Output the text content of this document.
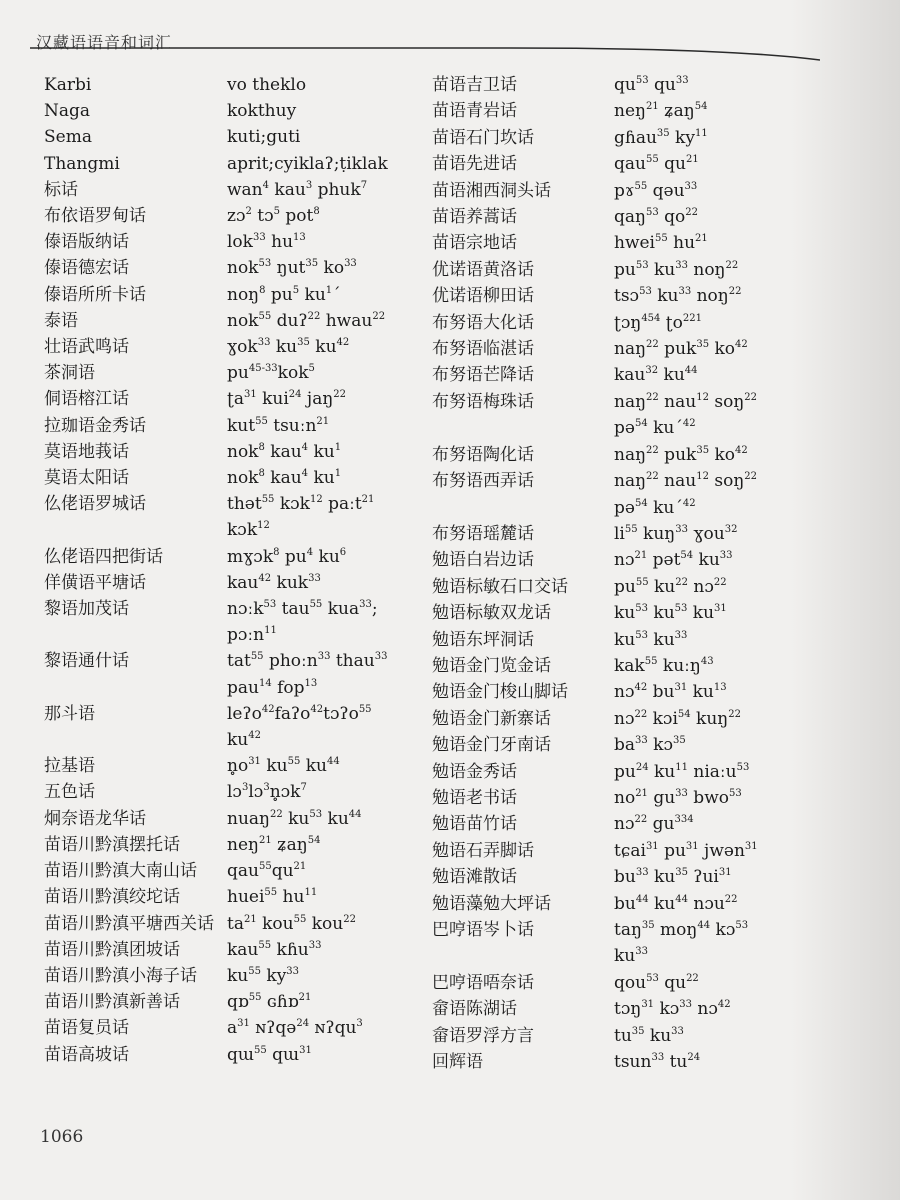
汉藏语语音和词汇
Karbi	vo theklo
Naga	kokthuy
Sema	kuti;guti
Thangmi	aprit;cyiklaʔ;ṭiklak
标话	wan$^4$ kau$^3$ phuk$^7$
布依语罗甸话	zɔ$^2$ tɔ$^5$ pot$^8$
傣语版纳话	lok$^{33}$ $hu^{13}$
傣语德宏话	nok$^{53}$ ŋut$^{35}$ $ko^{33}$
傣语所所卡话	noŋ$^8$ $pu^5$ $ku^1ˊ$
泰语	nok$^{55}$ duʔ$^{22}$ hwau$^{22}$
壮语武鸣话	ɣok$^{33}$ $ku^{35}$ $ku^{42}$
茶洞语	$pu^{45-33}kok^5$
侗语榕江话	ʈa$^{31}$ kui$^{24}$ jaŋ$^{22}$
拉珈语金秀话	kut$^{55}$ tsuːn$^{21}$
莫语地莪话	nok$^8$ kau$^4$ $ku^1$
莫语太阳话	nok$^8$ kau$^4$ $ku^1$
仫佬语罗城话	thət$^{55}$ kɔk$^{12}$ paːt$^{21}$
kɔk$^{12}$
仫佬语四把街话	mɣɔk$^8$ $pu^4$ $ku^6$
佯僙语平塘话	kau$^{42}$ kuk$^{33}$
黎语加茂话	nɔːk$^{53}$ tau$^{55}$ kua$^{33}$;
pɔːn$^{11}$
黎语通什话	tat$^{55}$ phoːn$^{33}$ thau$^{33}$
pau$^{14}$ fop$^{13}$
那斗语	leʔo$^{42}$faʔo$^{42}$tɔʔo$^{55}$
$ku^{42}$
拉基语	$n̥o^{31}$ $ku^{55}$ $ku^{44}$
五色话	lɔ$^3$lɔ$^3$n̥ɔk$^7$
炯奈语龙华话	nuaŋ$^{22}$ $ku^{53}$ $ku^{44}$
苗语川黔滇摆托话	neŋ$^{21}$ ʑaŋ$^{54}$
苗语川黔滇大南山话	$qau^{55}qu^{21}$
苗语川黔滇绞坨话	huei$^{55}$ $hu^{11}$
苗语川黔滇平塘西关话 $ta^{21}$ kou$^{55}$ kou$^{22}$
苗语川黔滇团坡话	kau$^{55}$ kɦu$^{33}$
苗语川黔滇小海子话	$ku^{55}$ $ky^{33}$
苗语川黔滇新善话	qɒ$^{55}$ ɢɦɒ$^{21}$
苗语复员话	$a^{31}$ ɴʔqə$^{24}$ ɴʔqu$^3$
苗语高坡话	qɯ$^{55}$ qɯ$^{31}$
苗语吉卫话	$qu^{53}$ $qu^{33}$
苗语青岩话	neŋ$^{21}$ ʑaŋ$^{54}$
苗语石门坎话	gɦau$^{35}$ $ky^{11}$
苗语先进话	qau$^{55}$ $qu^{21}$
苗语湘西洞头话	pɤ$^{55}$ qəu$^{33}$
苗语养蒿话	qaŋ$^{53}$ $qo^{22}$
苗语宗地话	hwei$^{55}$ $hu^{21}$
优诺语黄洛话	$pu^{53}$ $ku^{33}$ noŋ$^{22}$
优诺语柳田话	tsɔ$^{53}$ $ku^{33}$ noŋ$^{22}$
布努语大化话	ʈɔŋ$^{454}$ ʈo$^{221}$
布努语临湛话	naŋ$^{22}$ puk$^{35}$ $ko^{42}$
布努语芒降话	kau$^{32}$ $ku^{44}$
布努语梅珠话	naŋ$^{22}$ nau$^{12}$ soŋ$^{22}$
pə$^{54}$ kuˊ$^{42}$
布努语陶化话	naŋ$^{22}$ puk$^{35}$ $ko^{42}$
布努语西弄话	naŋ$^{22}$ nau$^{12}$ soŋ$^{22}$
pə$^{54}$ kuˊ$^{42}$
布努语瑶麓话	$li^{55}$ kuŋ$^{33}$ ɣou$^{32}$
勉语白岩边话	nɔ$^{21}$ pət$^{54}$ $ku^{33}$
勉语标敏石口交话	$pu^{55}$ $ku^{22}$ nɔ$^{22}$
勉语标敏双龙话	$ku^{53}$ $ku^{53}$ $ku^{31}$
勉语东坪洞话	$ku^{53}$ $ku^{33}$
勉语金门览金话	kak$^{55}$ kuːŋ$^{43}$
勉语金门梭山脚话	nɔ$^{42}$ $bu^{31}$ $ku^{13}$
勉语金门新寨话	nɔ$^{22}$ kɔi$^{54}$ kuŋ$^{22}$
勉语金门牙南话	$ba^{33}$ kɔ$^{35}$
勉语金秀话	$pu^{24}$ $ku^{11}$ niaːu$^{53}$
勉语老书话	$no^{21}$ $gu^{33}$ bwo$^{53}$
勉语苗竹话	nɔ$^{22}$ $gu^{334}$
勉语石弄脚话	tɕai$^{31}$ $pu^{31}$ jwən$^{31}$
勉语滩散话	$bu^{33}$ $ku^{35}$ ʔui$^{31}$
勉语藻勉大坪话	$bu^{44}$ $ku^{44}$ nɔu$^{22}$
巴哼语岑卜话	taŋ$^{35}$ moŋ$^{44}$ kɔ$^{53}$
$ku^{33}$
巴哼语唔奈话	qou$^{53}$ $qu^{22}$
畲语陈湖话	tɔŋ$^{31}$ kɔ$^{33}$ nɔ$^{42}$
畲语罗浮方言	$tu^{35}$ $ku^{33}$
回辉语	tsun$^{33}$ $tu^{24}$
1066
